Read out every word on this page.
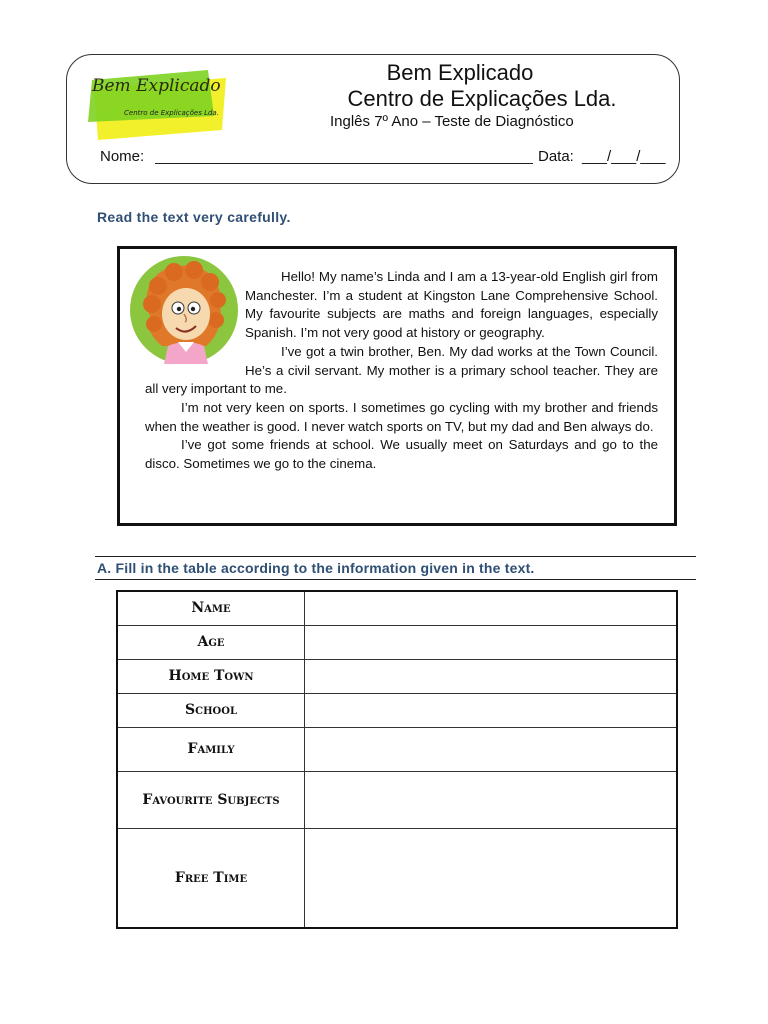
Bem Explicado
Centro de Explicações Lda.
Bem Explicado
Centro de Explicações Lda.
Inglês 7º Ano – Teste de Diagnóstico
Nome:	Data: ___/___/___
Read the text very carefully.

Hello! My name’s Linda and I am a 13-year-old English girl from Manchester. I’m a student at Kingston Lane Comprehensive School. My favourite subjects are maths and foreign languages, especially Spanish. I’m not very good at history or geography.

I’ve got a twin brother, Ben. My dad works at the Town Council. He’s a civil servant. My mother is a primary school teacher. They are all very important to me.

I’m not very keen on sports. I sometimes go cycling with my brother and friends when the weather is good. I never watch sports on TV, but my dad and Ben always do.

I’ve got some friends at school. We usually meet on Saturdays and go to the disco. Sometimes we go to the cinema.

A. Fill in the table according to the information given in the text.
Name	
Age	
Home Town	
School	
Family	
Favourite Subjects	
Free Time	
